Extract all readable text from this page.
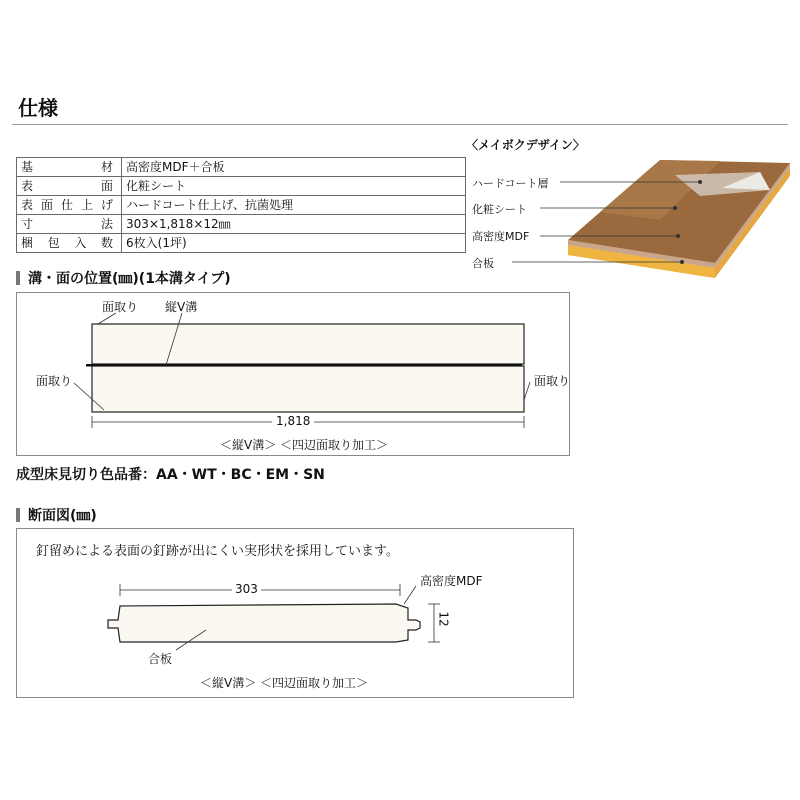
仕様
基 材	高密度MDF＋合板

表 面	化粧シート

表 面 仕 上 げ	ハードコート仕上げ、抗菌処理

寸 法	303×1,818×12㎜

梱 包 入 数	6枚入(1坪)
〈メイボクデザイン〉
ハードコート層
化粧シート
高密度MDF
合板
溝・面の位置(㎜)(1本溝タイプ)
面取り 縦V溝
面取り	面取り
1,818
＜縦V溝＞ ＜四辺面取り加工＞
成型床見切り色品番：AA・WT・BC・EM・SN
断面図(㎜)
釘留めによる表面の釘跡が出にくい実形状を採用しています。
303
12
高密度MDF
合板
＜縦V溝＞ ＜四辺面取り加工＞
